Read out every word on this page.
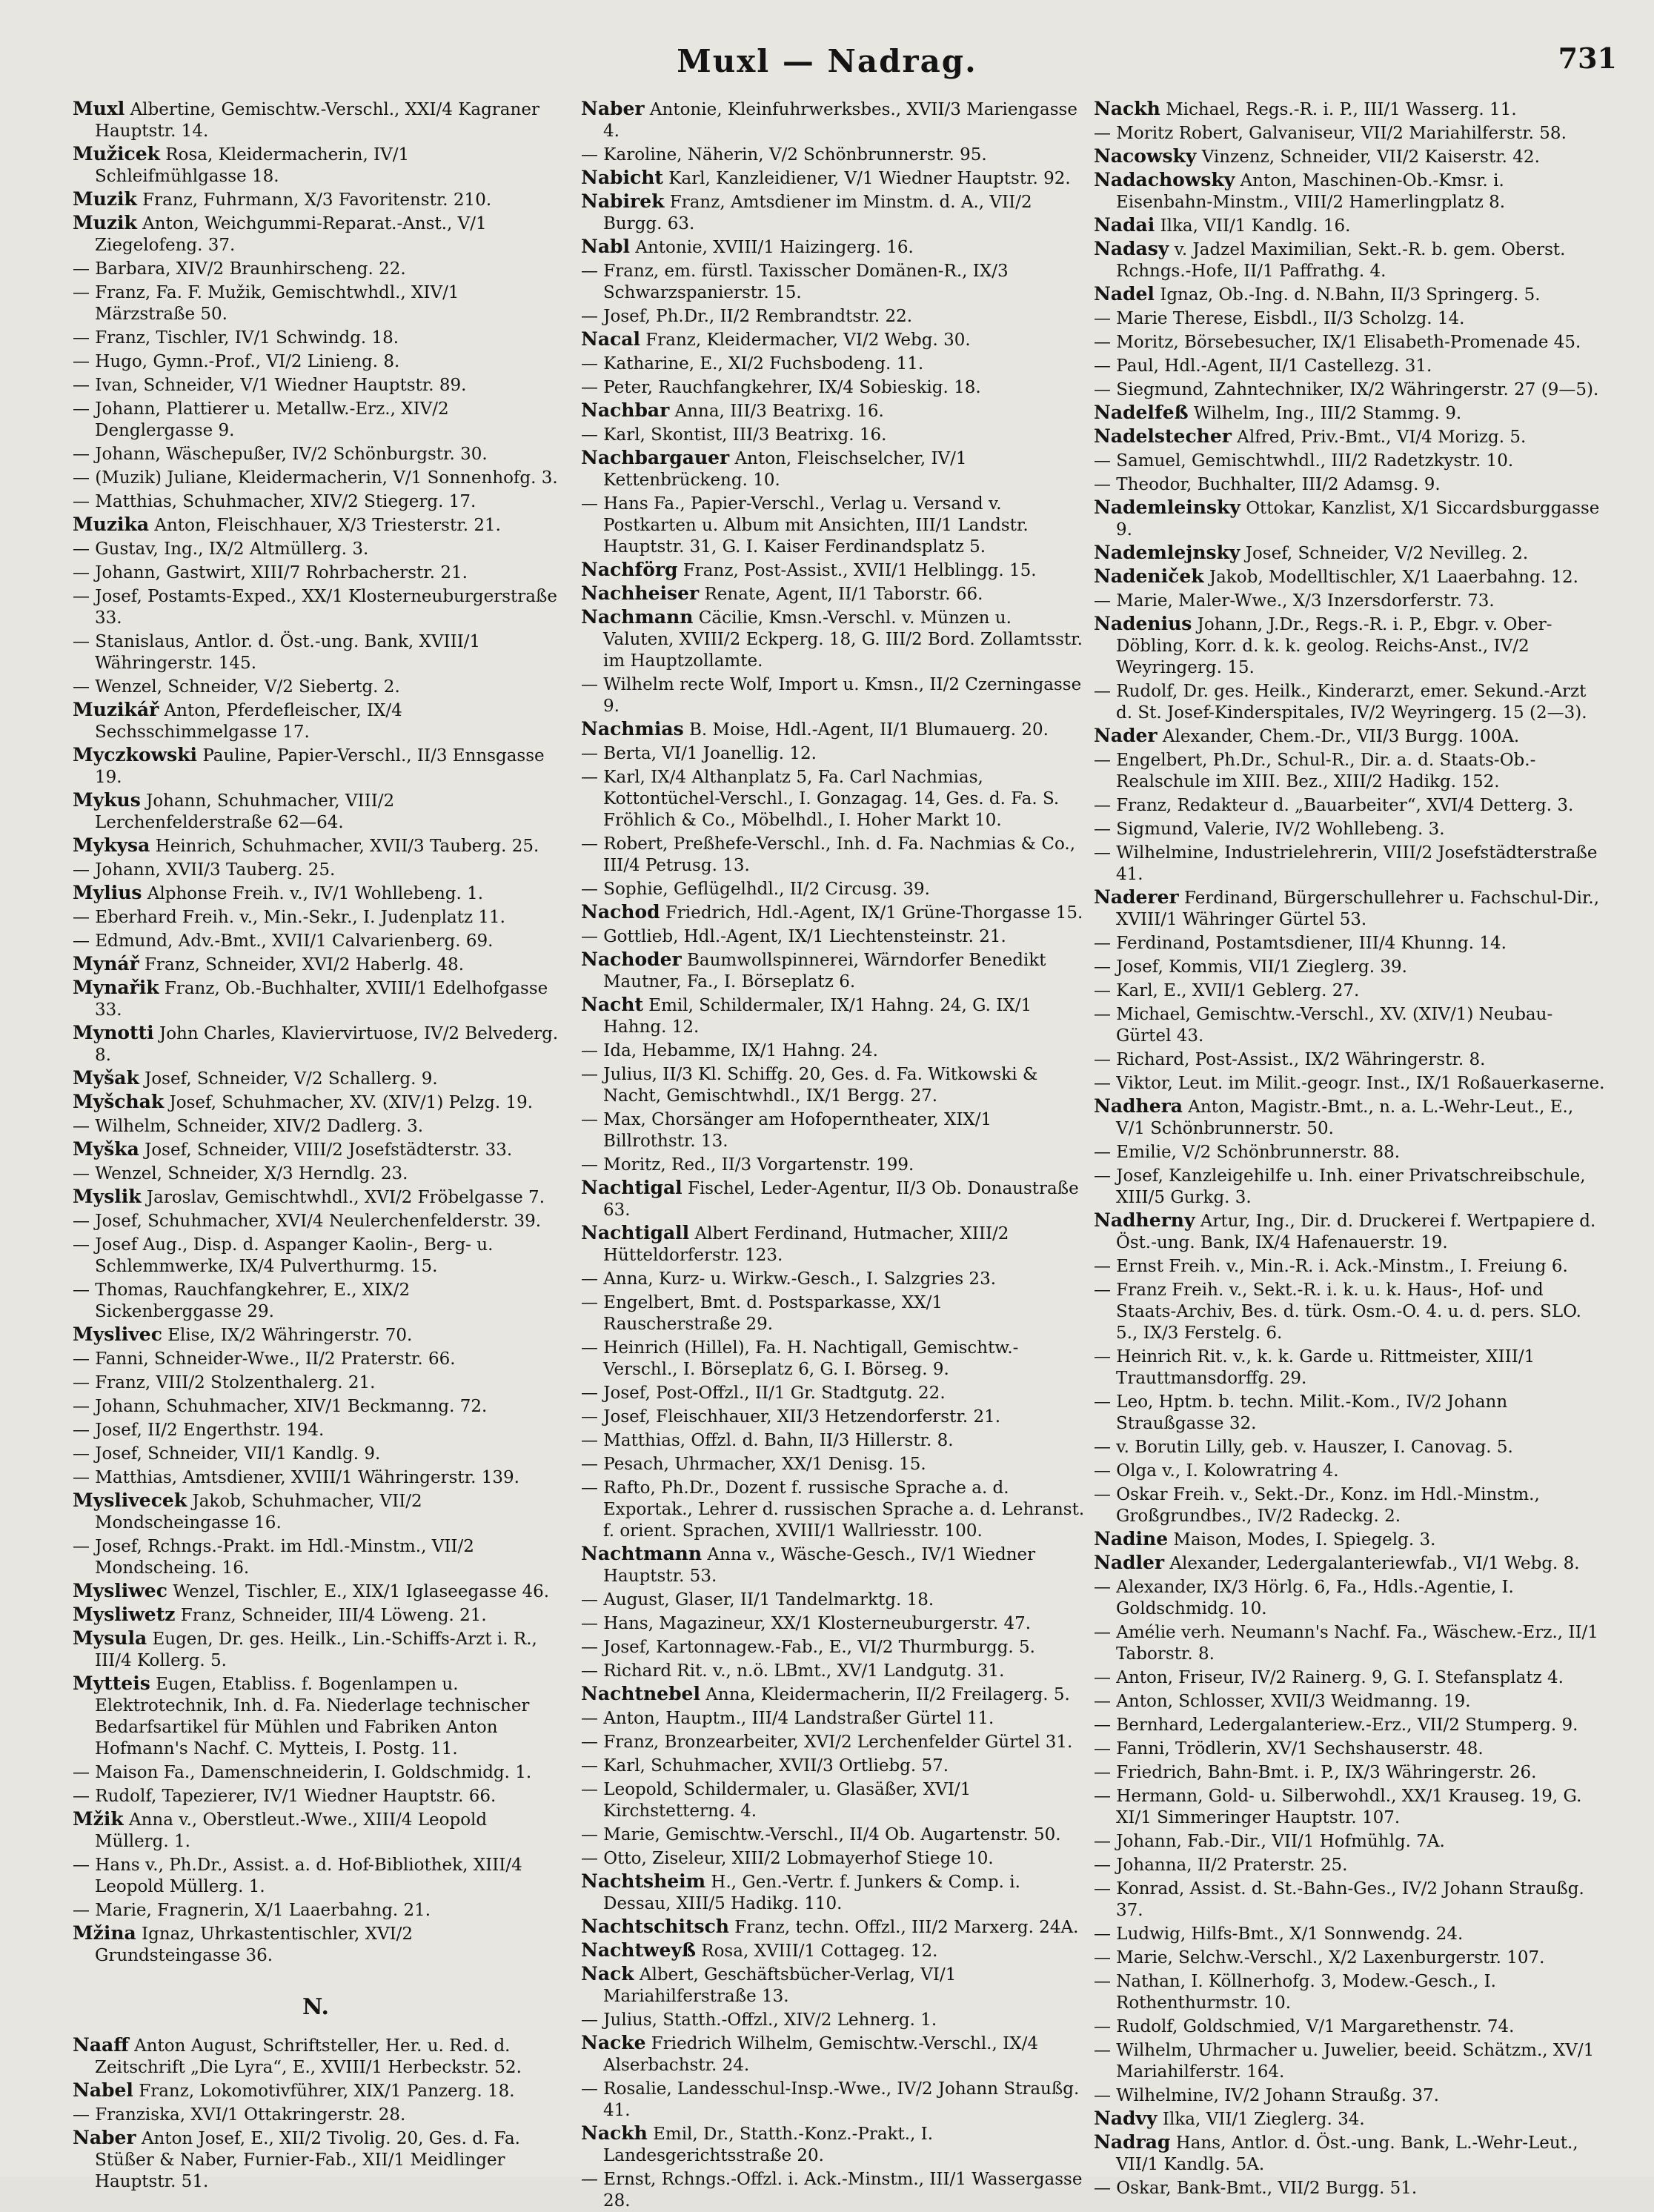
Muxl — Nadrag.	731
Muxl Albertine, Gemischtw.-Verschl., XXI/4 Kagraner Hauptstr. 14.
Mužicek Rosa, Kleidermacherin, IV/1 Schleifmühlgasse 18.
Muzik Franz, Fuhrmann, X/3 Favoritenstr. 210.
Muzik Anton, Weichgummi-Reparat.-Anst., V/1 Ziegelofeng. 37.
— Barbara, XIV/2 Braunhirscheng. 22.
— Franz, Fa. F. Mužik, Gemischtwhdl., XIV/1 Märzstraße 50.
— Franz, Tischler, IV/1 Schwindg. 18.
— Hugo, Gymn.-Prof., VI/2 Linieng. 8.
— Ivan, Schneider, V/1 Wiedner Hauptstr. 89.
— Johann, Plattierer u. Metallw.-Erz., XIV/2 Denglergasse 9.
— Johann, Wäschepußer, IV/2 Schönburgstr. 30.
— (Muzik) Juliane, Kleidermacherin, V/1 Sonnenhofg. 3.
— Matthias, Schuhmacher, XIV/2 Stiegerg. 17.
Muzika Anton, Fleischhauer, X/3 Triesterstr. 21.
— Gustav, Ing., IX/2 Altmüllerg. 3.
— Johann, Gastwirt, XIII/7 Rohrbacherstr. 21.
— Josef, Postamts-Exped., XX/1 Klosterneuburgerstraße 33.
— Stanislaus, Antlor. d. Öst.-ung. Bank, XVIII/1 Währingerstr. 145.
— Wenzel, Schneider, V/2 Siebertg. 2.
Muzikář Anton, Pferdefleischer, IX/4 Sechsschimmelgasse 17.
Myczkowski Pauline, Papier-Verschl., II/3 Ennsgasse 19.
Mykus Johann, Schuhmacher, VIII/2 Lerchenfelderstraße 62—64.
Mykysa Heinrich, Schuhmacher, XVII/3 Tauberg. 25.
— Johann, XVII/3 Tauberg. 25.
Mylius Alphonse Freih. v., IV/1 Wohllebeng. 1.
— Eberhard Freih. v., Min.-Sekr., I. Judenplatz 11.
— Edmund, Adv.-Bmt., XVII/1 Calvarienberg. 69.
Mynář Franz, Schneider, XVI/2 Haberlg. 48.
Mynařik Franz, Ob.-Buchhalter, XVIII/1 Edelhofgasse 33.
Mynotti John Charles, Klaviervirtuose, IV/2 Belvederg. 8.
Myšak Josef, Schneider, V/2 Schallerg. 9.
Myšchak Josef, Schuhmacher, XV. (XIV/1) Pelzg. 19.
— Wilhelm, Schneider, XIV/2 Dadlerg. 3.
Myška Josef, Schneider, VIII/2 Josefstädterstr. 33.
— Wenzel, Schneider, X/3 Herndlg. 23.
Myslik Jaroslav, Gemischtwhdl., XVI/2 Fröbelgasse 7.
— Josef, Schuhmacher, XVI/4 Neulerchenfelderstr. 39.
— Josef Aug., Disp. d. Aspanger Kaolin-, Berg- u. Schlemmwerke, IX/4 Pulverthurmg. 15.
— Thomas, Rauchfangkehrer, E., XIX/2 Sickenberggasse 29.
Myslivec Elise, IX/2 Währingerstr. 70.
— Fanni, Schneider-Wwe., II/2 Praterstr. 66.
— Franz, VIII/2 Stolzenthalerg. 21.
— Johann, Schuhmacher, XIV/1 Beckmanng. 72.
— Josef, II/2 Engerthstr. 194.
— Josef, Schneider, VII/1 Kandlg. 9.
— Matthias, Amtsdiener, XVIII/1 Währingerstr. 139.
Myslivecek Jakob, Schuhmacher, VII/2 Mondscheingasse 16.
— Josef, Rchngs.-Prakt. im Hdl.-Minstm., VII/2 Mondscheing. 16.
Mysliwec Wenzel, Tischler, E., XIX/1 Iglaseegasse 46.
Mysliwetz Franz, Schneider, III/4 Löweng. 21.
Mysula Eugen, Dr. ges. Heilk., Lin.-Schiffs-Arzt i. R., III/4 Kollerg. 5.
Mytteis Eugen, Etabliss. f. Bogenlampen u. Elektrotechnik, Inh. d. Fa. Niederlage technischer Bedarfsartikel für Mühlen und Fabriken Anton Hofmann's Nachf. C. Mytteis, I. Postg. 11.
— Maison Fa., Damenschneiderin, I. Goldschmidg. 1.
— Rudolf, Tapezierer, IV/1 Wiedner Hauptstr. 66.
Mžik Anna v., Oberstleut.-Wwe., XIII/4 Leopold Müllerg. 1.
— Hans v., Ph.Dr., Assist. a. d. Hof-Bibliothek, XIII/4 Leopold Müllerg. 1.
— Marie, Fragnerin, X/1 Laaerbahng. 21.
Mžina Ignaz, Uhrkastentischler, XVI/2 Grundsteingasse 36.
N.
Naaff Anton August, Schriftsteller, Her. u. Red. d. Zeitschrift „Die Lyra“, E., XVIII/1 Herbeckstr. 52.
Nabel Franz, Lokomotivführer, XIX/1 Panzerg. 18.
— Franziska, XVI/1 Ottakringerstr. 28.
Naber Anton Josef, E., XII/2 Tivolig. 20, Ges. d. Fa. Stüßer & Naber, Furnier-Fab., XII/1 Meidlinger Hauptstr. 51.
Naber Antonie, Kleinfuhrwerksbes., XVII/3 Mariengasse 4.
— Karoline, Näherin, V/2 Schönbrunnerstr. 95.
Nabicht Karl, Kanzleidiener, V/1 Wiedner Hauptstr. 92.
Nabirek Franz, Amtsdiener im Minstm. d. A., VII/2 Burgg. 63.
Nabl Antonie, XVIII/1 Haizingerg. 16.
— Franz, em. fürstl. Taxisscher Domänen-R., IX/3 Schwarzspanierstr. 15.
— Josef, Ph.Dr., II/2 Rembrandtstr. 22.
Nacal Franz, Kleidermacher, VI/2 Webg. 30.
— Katharine, E., XI/2 Fuchsbodeng. 11.
— Peter, Rauchfangkehrer, IX/4 Sobieskig. 18.
Nachbar Anna, III/3 Beatrixg. 16.
— Karl, Skontist, III/3 Beatrixg. 16.
Nachbargauer Anton, Fleischselcher, IV/1 Kettenbrückeng. 10.
— Hans Fa., Papier-Verschl., Verlag u. Versand v. Postkarten u. Album mit Ansichten, III/1 Landstr. Hauptstr. 31, G. I. Kaiser Ferdinandsplatz 5.
Nachförg Franz, Post-Assist., XVII/1 Helblingg. 15.
Nachheiser Renate, Agent, II/1 Taborstr. 66.
Nachmann Cäcilie, Kmsn.-Verschl. v. Münzen u. Valuten, XVIII/2 Eckperg. 18, G. III/2 Bord. Zollamtsstr. im Hauptzollamte.
— Wilhelm recte Wolf, Import u. Kmsn., II/2 Czerningasse 9.
Nachmias B. Moise, Hdl.-Agent, II/1 Blumauerg. 20.
— Berta, VI/1 Joanellig. 12.
— Karl, IX/4 Althanplatz 5, Fa. Carl Nachmias, Kottontüchel-Verschl., I. Gonzagag. 14, Ges. d. Fa. S. Fröhlich & Co., Möbelhdl., I. Hoher Markt 10.
— Robert, Preßhefe-Verschl., Inh. d. Fa. Nachmias & Co., III/4 Petrusg. 13.
— Sophie, Geflügelhdl., II/2 Circusg. 39.
Nachod Friedrich, Hdl.-Agent, IX/1 Grüne-Thorgasse 15.
— Gottlieb, Hdl.-Agent, IX/1 Liechtensteinstr. 21.
Nachoder Baumwollspinnerei, Wärndorfer Benedikt Mautner, Fa., I. Börseplatz 6.
Nacht Emil, Schildermaler, IX/1 Hahng. 24, G. IX/1 Hahng. 12.
— Ida, Hebamme, IX/1 Hahng. 24.
— Julius, II/3 Kl. Schiffg. 20, Ges. d. Fa. Witkowski & Nacht, Gemischtwhdl., IX/1 Bergg. 27.
— Max, Chorsänger am Hofoperntheater, XIX/1 Billrothstr. 13.
— Moritz, Red., II/3 Vorgartenstr. 199.
Nachtigal Fischel, Leder-Agentur, II/3 Ob. Donaustraße 63.
Nachtigall Albert Ferdinand, Hutmacher, XIII/2 Hütteldorferstr. 123.
— Anna, Kurz- u. Wirkw.-Gesch., I. Salzgries 23.
— Engelbert, Bmt. d. Postsparkasse, XX/1 Rauscherstraße 29.
— Heinrich (Hillel), Fa. H. Nachtigall, Gemischtw.-Verschl., I. Börseplatz 6, G. I. Börseg. 9.
— Josef, Post-Offzl., II/1 Gr. Stadtgutg. 22.
— Josef, Fleischhauer, XII/3 Hetzendorferstr. 21.
— Matthias, Offzl. d. Bahn, II/3 Hillerstr. 8.
— Pesach, Uhrmacher, XX/1 Denisg. 15.
— Rafto, Ph.Dr., Dozent f. russische Sprache a. d. Exportak., Lehrer d. russischen Sprache a. d. Lehranst. f. orient. Sprachen, XVIII/1 Wallriesstr. 100.
Nachtmann Anna v., Wäsche-Gesch., IV/1 Wiedner Hauptstr. 53.
— August, Glaser, II/1 Tandelmarktg. 18.
— Hans, Magazineur, XX/1 Klosterneuburgerstr. 47.
— Josef, Kartonnagew.-Fab., E., VI/2 Thurmburgg. 5.
— Richard Rit. v., n.ö. LBmt., XV/1 Landgutg. 31.
Nachtnebel Anna, Kleidermacherin, II/2 Freilagerg. 5.
— Anton, Hauptm., III/4 Landstraßer Gürtel 11.
— Franz, Bronzearbeiter, XVI/2 Lerchenfelder Gürtel 31.
— Karl, Schuhmacher, XVII/3 Ortliebg. 57.
— Leopold, Schildermaler, u. Glasäßer, XVI/1 Kirchstetterng. 4.
— Marie, Gemischtw.-Verschl., II/4 Ob. Augartenstr. 50.
— Otto, Ziseleur, XIII/2 Lobmayerhof Stiege 10.
Nachtsheim H., Gen.-Vertr. f. Junkers & Comp. i. Dessau, XIII/5 Hadikg. 110.
Nachtschitsch Franz, techn. Offzl., III/2 Marxerg. 24A.
Nachtweyß Rosa, XVIII/1 Cottageg. 12.
Nack Albert, Geschäftsbücher-Verlag, VI/1 Mariahilferstraße 13.
— Julius, Statth.-Offzl., XIV/2 Lehnerg. 1.
Nacke Friedrich Wilhelm, Gemischtw.-Verschl., IX/4 Alserbachstr. 24.
— Rosalie, Landesschul-Insp.-Wwe., IV/2 Johann Straußg. 41.
Nackh Emil, Dr., Statth.-Konz.-Prakt., I. Landesgerichtsstraße 20.
— Ernst, Rchngs.-Offzl. i. Ack.-Minstm., III/1 Wassergasse 28.
Nackh Michael, Regs.-R. i. P., III/1 Wasserg. 11.
— Moritz Robert, Galvaniseur, VII/2 Mariahilferstr. 58.
Nacowsky Vinzenz, Schneider, VII/2 Kaiserstr. 42.
Nadachowsky Anton, Maschinen-Ob.-Kmsr. i. Eisenbahn-Minstm., VIII/2 Hamerlingplatz 8.
Nadai Ilka, VII/1 Kandlg. 16.
Nadasy v. Jadzel Maximilian, Sekt.-R. b. gem. Oberst. Rchngs.-Hofe, II/1 Paffrathg. 4.
Nadel Ignaz, Ob.-Ing. d. N.Bahn, II/3 Springerg. 5.
— Marie Therese, Eisbdl., II/3 Scholzg. 14.
— Moritz, Börsebesucher, IX/1 Elisabeth-Promenade 45.
— Paul, Hdl.-Agent, II/1 Castellezg. 31.
— Siegmund, Zahntechniker, IX/2 Währingerstr. 27 (9—5).
Nadelfeß Wilhelm, Ing., III/2 Stammg. 9.
Nadelstecher Alfred, Priv.-Bmt., VI/4 Morizg. 5.
— Samuel, Gemischtwhdl., III/2 Radetzkystr. 10.
— Theodor, Buchhalter, III/2 Adamsg. 9.
Nademleinsky Ottokar, Kanzlist, X/1 Siccardsburggasse 9.
Nademlejnsky Josef, Schneider, V/2 Nevilleg. 2.
Nadeniček Jakob, Modelltischler, X/1 Laaerbahng. 12.
— Marie, Maler-Wwe., X/3 Inzersdorferstr. 73.
Nadenius Johann, J.Dr., Regs.-R. i. P., Ebgr. v. Ober-Döbling, Korr. d. k. k. geolog. Reichs-Anst., IV/2 Weyringerg. 15.
— Rudolf, Dr. ges. Heilk., Kinderarzt, emer. Sekund.-Arzt d. St. Josef-Kinderspitales, IV/2 Weyringerg. 15 (2—3).
Nader Alexander, Chem.-Dr., VII/3 Burgg. 100A.
— Engelbert, Ph.Dr., Schul-R., Dir. a. d. Staats-Ob.-Realschule im XIII. Bez., XIII/2 Hadikg. 152.
— Franz, Redakteur d. „Bauarbeiter“, XVI/4 Detterg. 3.
— Sigmund, Valerie, IV/2 Wohllebeng. 3.
— Wilhelmine, Industrielehrerin, VIII/2 Josefstädterstraße 41.
Naderer Ferdinand, Bürgerschullehrer u. Fachschul-Dir., XVIII/1 Währinger Gürtel 53.
— Ferdinand, Postamtsdiener, III/4 Khunng. 14.
— Josef, Kommis, VII/1 Zieglerg. 39.
— Karl, E., XVII/1 Geblerg. 27.
— Michael, Gemischtw.-Verschl., XV. (XIV/1) Neubau-Gürtel 43.
— Richard, Post-Assist., IX/2 Währingerstr. 8.
— Viktor, Leut. im Milit.-geogr. Inst., IX/1 Roßauerkaserne.
Nadhera Anton, Magistr.-Bmt., n. a. L.-Wehr-Leut., E., V/1 Schönbrunnerstr. 50.
— Emilie, V/2 Schönbrunnerstr. 88.
— Josef, Kanzleigehilfe u. Inh. einer Privatschreibschule, XIII/5 Gurkg. 3.
Nadherny Artur, Ing., Dir. d. Druckerei f. Wertpapiere d. Öst.-ung. Bank, IX/4 Hafenauerstr. 19.
— Ernst Freih. v., Min.-R. i. Ack.-Minstm., I. Freiung 6.
— Franz Freih. v., Sekt.-R. i. k. u. k. Haus-, Hof- und Staats-Archiv, Bes. d. türk. Osm.-O. 4. u. d. pers. SLO. 5., IX/3 Ferstelg. 6.
— Heinrich Rit. v., k. k. Garde u. Rittmeister, XIII/1 Trauttmansdorffg. 29.
— Leo, Hptm. b. techn. Milit.-Kom., IV/2 Johann Straußgasse 32.
— v. Borutin Lilly, geb. v. Hauszer, I. Canovag. 5.
— Olga v., I. Kolowratring 4.
— Oskar Freih. v., Sekt.-Dr., Konz. im Hdl.-Minstm., Großgrundbes., IV/2 Radeckg. 2.
Nadine Maison, Modes, I. Spiegelg. 3.
Nadler Alexander, Ledergalanteriewfab., VI/1 Webg. 8.
— Alexander, IX/3 Hörlg. 6, Fa., Hdls.-Agentie, I. Goldschmidg. 10.
— Amélie verh. Neumann's Nachf. Fa., Wäschew.-Erz., II/1 Taborstr. 8.
— Anton, Friseur, IV/2 Rainerg. 9, G. I. Stefansplatz 4.
— Anton, Schlosser, XVII/3 Weidmanng. 19.
— Bernhard, Ledergalanteriew.-Erz., VII/2 Stumperg. 9.
— Fanni, Trödlerin, XV/1 Sechshauserstr. 48.
— Friedrich, Bahn-Bmt. i. P., IX/3 Währingerstr. 26.
— Hermann, Gold- u. Silberwohdl., XX/1 Krauseg. 19, G. XI/1 Simmeringer Hauptstr. 107.
— Johann, Fab.-Dir., VII/1 Hofmühlg. 7A.
— Johanna, II/2 Praterstr. 25.
— Konrad, Assist. d. St.-Bahn-Ges., IV/2 Johann Straußg. 37.
— Ludwig, Hilfs-Bmt., X/1 Sonnwendg. 24.
— Marie, Selchw.-Verschl., X/2 Laxenburgerstr. 107.
— Nathan, I. Köllnerhofg. 3, Modew.-Gesch., I. Rothenthurmstr. 10.
— Rudolf, Goldschmied, V/1 Margarethenstr. 74.
— Wilhelm, Uhrmacher u. Juwelier, beeid. Schätzm., XV/1 Mariahilferstr. 164.
— Wilhelmine, IV/2 Johann Straußg. 37.
Nadvy Ilka, VII/1 Zieglerg. 34.
Nadrag Hans, Antlor. d. Öst.-ung. Bank, L.-Wehr-Leut., VII/1 Kandlg. 5A.
— Oskar, Bank-Bmt., VII/2 Burgg. 51.
